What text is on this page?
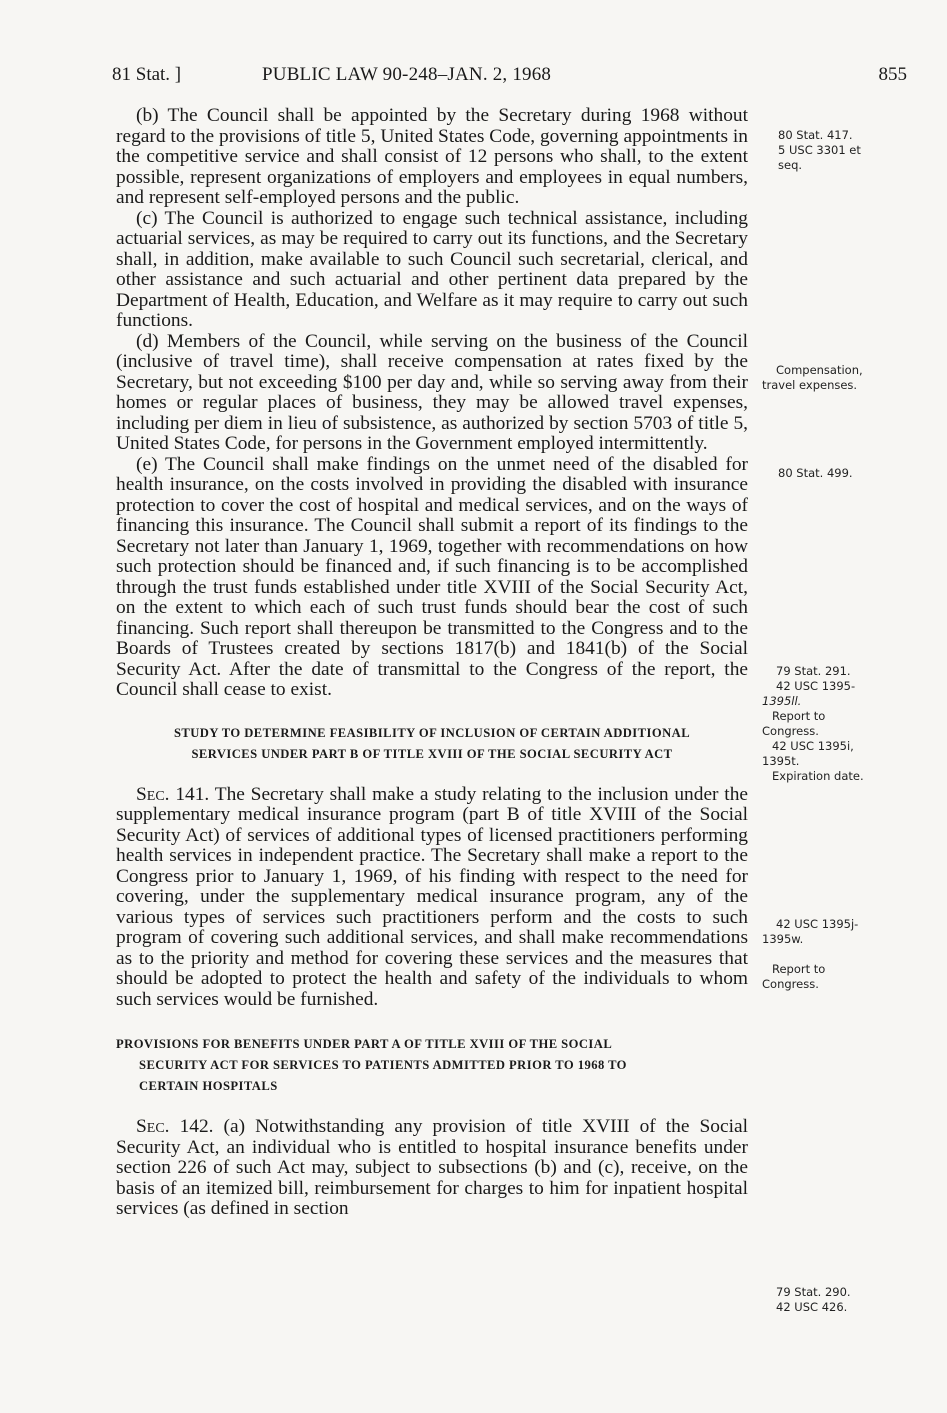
81 Stat. ]	PUBLIC LAW 90-248–JAN. 2, 1968	855

(b) The Council shall be appointed by the Secretary during 1968 without regard to the provisions of title 5, United States Code, governing appointments in the competitive service and shall consist of 12 persons who shall, to the extent possible, represent organizations of employers and employees in equal numbers, and represent self-employed persons and the public.

(c) The Council is authorized to engage such technical assistance, including actuarial services, as may be required to carry out its functions, and the Secretary shall, in addition, make available to such Council such secretarial, clerical, and other assistance and such actuarial and other pertinent data prepared by the Department of Health, Education, and Welfare as it may require to carry out such functions.

(d) Members of the Council, while serving on the business of the Council (inclusive of travel time), shall receive compensation at rates fixed by the Secretary, but not exceeding $100 per day and, while so serving away from their homes or regular places of business, they may be allowed travel expenses, including per diem in lieu of subsistence, as authorized by section 5703 of title 5, United States Code, for persons in the Government employed intermittently.

(e) The Council shall make findings on the unmet need of the disabled for health insurance, on the costs involved in providing the disabled with insurance protection to cover the cost of hospital and medical services, and on the ways of financing this insurance. The Council shall submit a report of its findings to the Secretary not later than January 1, 1969, together with recommendations on how such protection should be financed and, if such financing is to be accomplished through the trust funds established under title XVIII of the Social Security Act, on the extent to which each of such trust funds should bear the cost of such financing. Such report shall thereupon be transmitted to the Congress and to the Boards of Trustees created by sections 1817(b) and 1841(b) of the Social Security Act. After the date of transmittal to the Congress of the report, the Council shall cease to exist.

STUDY TO DETERMINE FEASIBILITY OF INCLUSION OF CERTAIN ADDITIONAL
SERVICES UNDER PART B OF TITLE XVIII OF THE SOCIAL SECURITY ACT

Sec. 141. The Secretary shall make a study relating to the inclusion under the supplementary medical insurance program (part B of title XVIII of the Social Security Act) of services of additional types of licensed practitioners performing health services in independent practice. The Secretary shall make a report to the Congress prior to January 1, 1969, of his finding with respect to the need for covering, under the supplementary medical insurance program, any of the various types of services such practitioners perform and the costs to such program of covering such additional services, and shall make recommendations as to the priority and method for covering these services and the measures that should be adopted to protect the health and safety of the individuals to whom such services would be furnished.

PROVISIONS FOR BENEFITS UNDER PART A OF TITLE XVIII OF THE SOCIAL
SECURITY ACT FOR SERVICES TO PATIENTS ADMITTED PRIOR TO 1968 TO
CERTAIN HOSPITALS

Sec. 142. (a) Notwithstanding any provision of title XVIII of the Social Security Act, an individual who is entitled to hospital insurance benefits under section 226 of such Act may, subject to subsections (b) and (c), receive, on the basis of an itemized bill, reimbursement for charges to him for inpatient hospital services (as defined in section

80 Stat. 417.
5 USC 3301 et
seq.
Compensation,
travel expenses.
80 Stat. 499.
79 Stat. 291.
42 USC 1395-
1395ll.
Report to
Congress.
42 USC 1395i,
1395t.
Expiration date.
42 USC 1395j-
1395w.
Report to
Congress.
79 Stat. 290.
42 USC 426.
